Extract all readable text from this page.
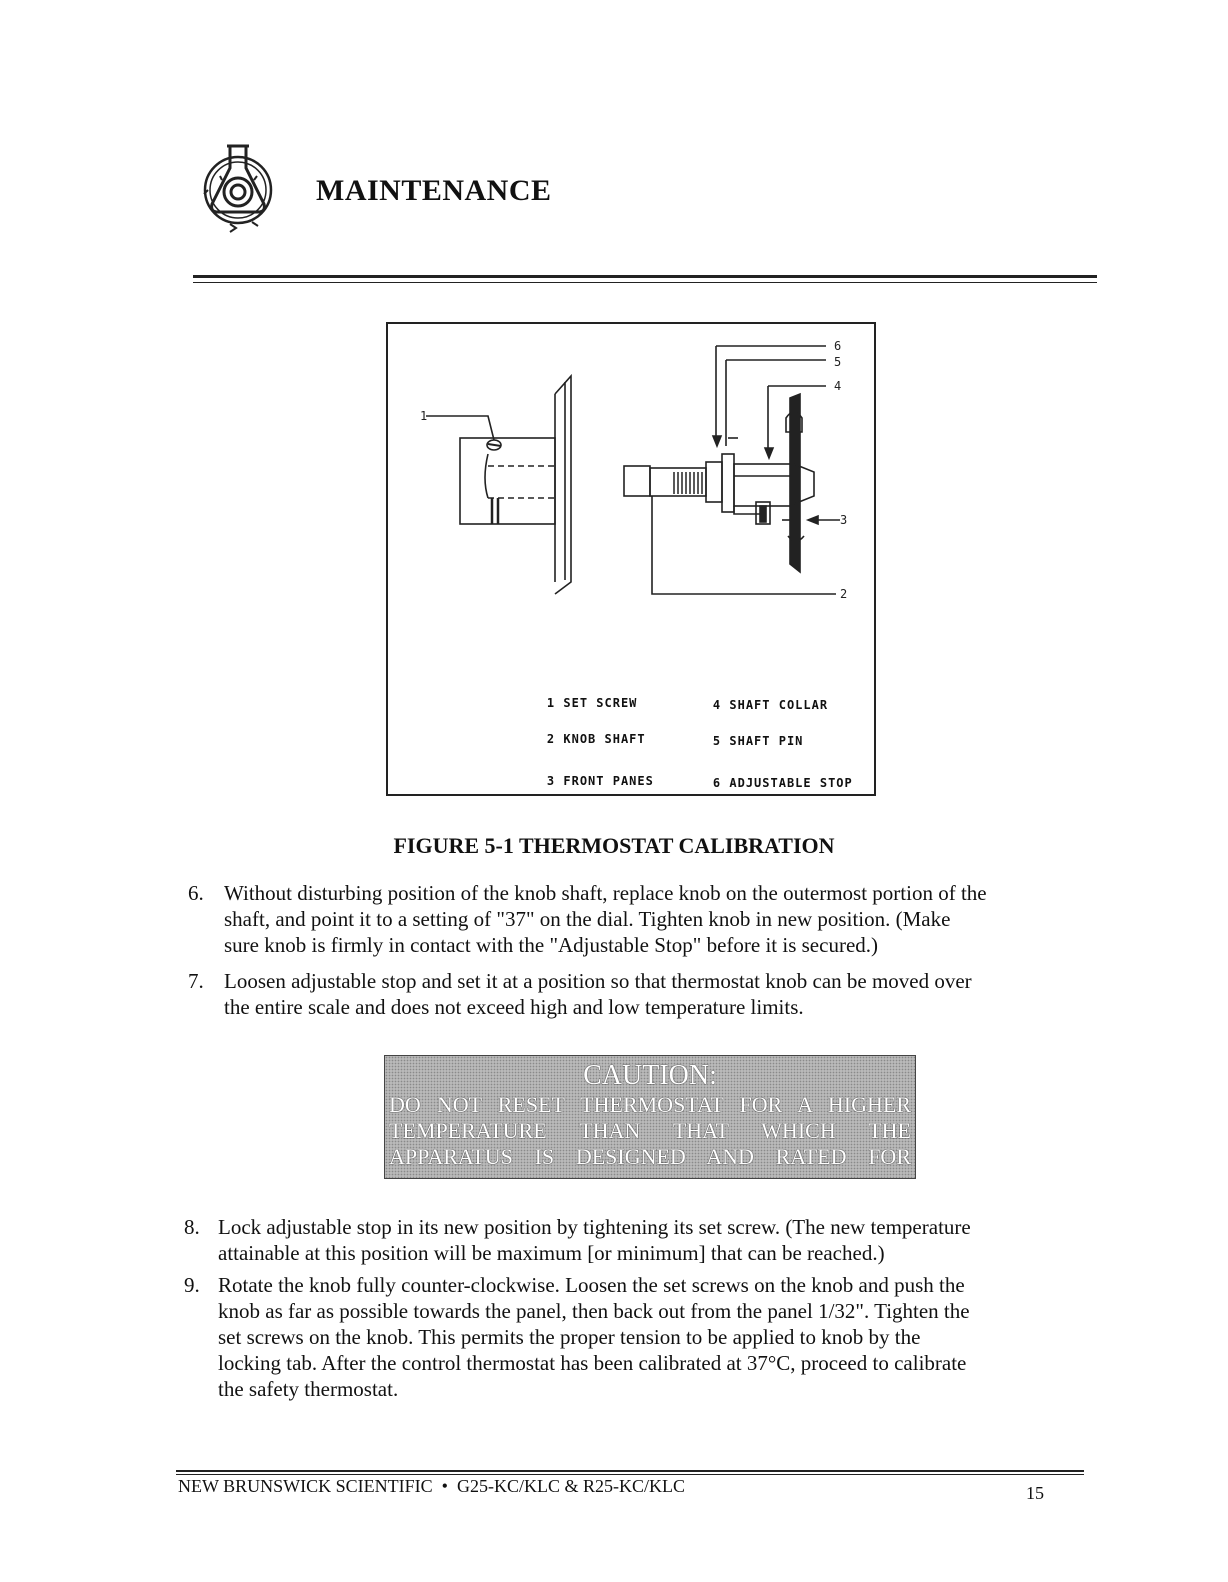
MAINTENANCE
1
2
3
4
5
6

1 SET SCREW

2 KNOB SHAFT

3 FRONT PANES

4 SHAFT COLLAR

5 SHAFT PIN

6 ADJUSTABLE STOP

FIGURE 5-1 THERMOSTAT CALIBRATION
6. Without disturbing position of the knob shaft, replace knob on the outermost portion of the
shaft, and point it to a setting of "37" on the dial. Tighten knob in new position. (Make
sure knob is firmly in contact with the "Adjustable Stop" before it is secured.)
7. Loosen adjustable stop and set it at a position so that thermostat knob can be moved over
the entire scale and does not exceed high and low temperature limits.
CAUTION:
DO NOT RESET THERMOSTAT FOR A HIGHER
TEMPERATURE THAN THAT WHICH THE
APPARATUS IS DESIGNED AND RATED FOR
8. Lock adjustable stop in its new position by tightening its set screw. (The new temperature
attainable at this position will be maximum [or minimum] that can be reached.)
9. Rotate the knob fully counter-clockwise. Loosen the set screws on the knob and push the
knob as far as possible towards the panel, then back out from the panel 1/32". Tighten the
set screws on the knob. This permits the proper tension to be applied to knob by the
locking tab. After the control thermostat has been calibrated at 37°C, proceed to calibrate
the safety thermostat.
NEW BRUNSWICK SCIENTIFIC  •  G25-KC/KLC & R25-KC/KLC	15
